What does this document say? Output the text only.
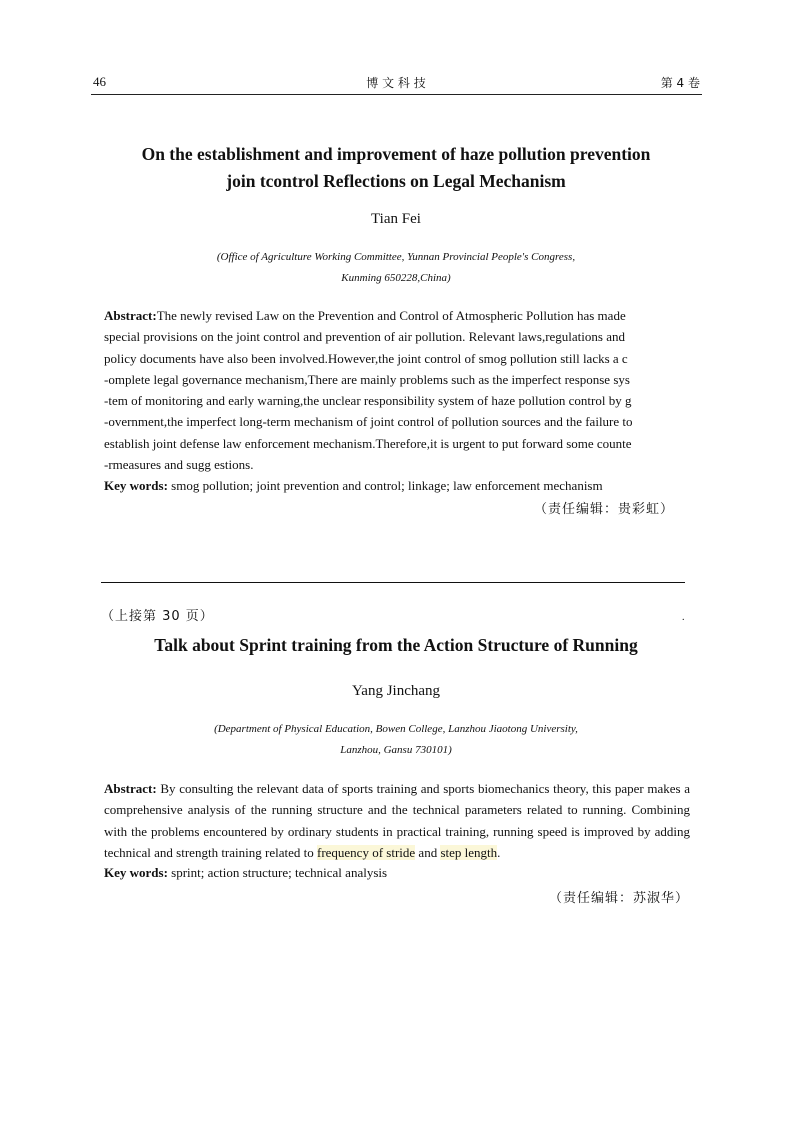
46	博 文 科 技	第 4 卷
On the establishment and improvement of haze pollution prevention
join tcontrol Reflections on Legal Mechanism
Tian Fei
(Office of Agriculture Working Committee, Yunnan Provincial People's Congress,
Kunming 650228,China)
Abstract:The newly revised Law on the Prevention and Control of Atmospheric Pollution has made
special provisions on the joint control and prevention of air pollution. Relevant laws,regulations and
policy documents have also been involved.However,the joint control of smog pollution still lacks a c
-omplete legal governance mechanism,There are mainly problems such as the imperfect response sys
-tem of monitoring and early warning,the unclear responsibility system of haze pollution control by g
-overnment,the imperfect long-term mechanism of joint control of pollution sources and the failure to
establish joint defense law enforcement mechanism.Therefore,it is urgent to put forward some counte
-rmeasures and sugg estions.
Key words: smog pollution; joint prevention and control; linkage; law enforcement mechanism
（责任编辑：贵彩虹）
（上接第 30 页）	.
Talk about Sprint training from the Action Structure of Running
Yang Jinchang
(Department of Physical Education, Bowen College, Lanzhou Jiaotong University,
Lanzhou, Gansu 730101)
Abstract: By consulting the relevant data of sports training and sports biomechanics theory, this paper makes a comprehensive analysis of the running structure and the technical parameters related to running. Combining with the problems encountered by ordinary students in practical training, running speed is improved by adding technical and strength training related to frequency of stride and step length.
Key words: sprint; action structure; technical analysis
（责任编辑：苏淑华）
